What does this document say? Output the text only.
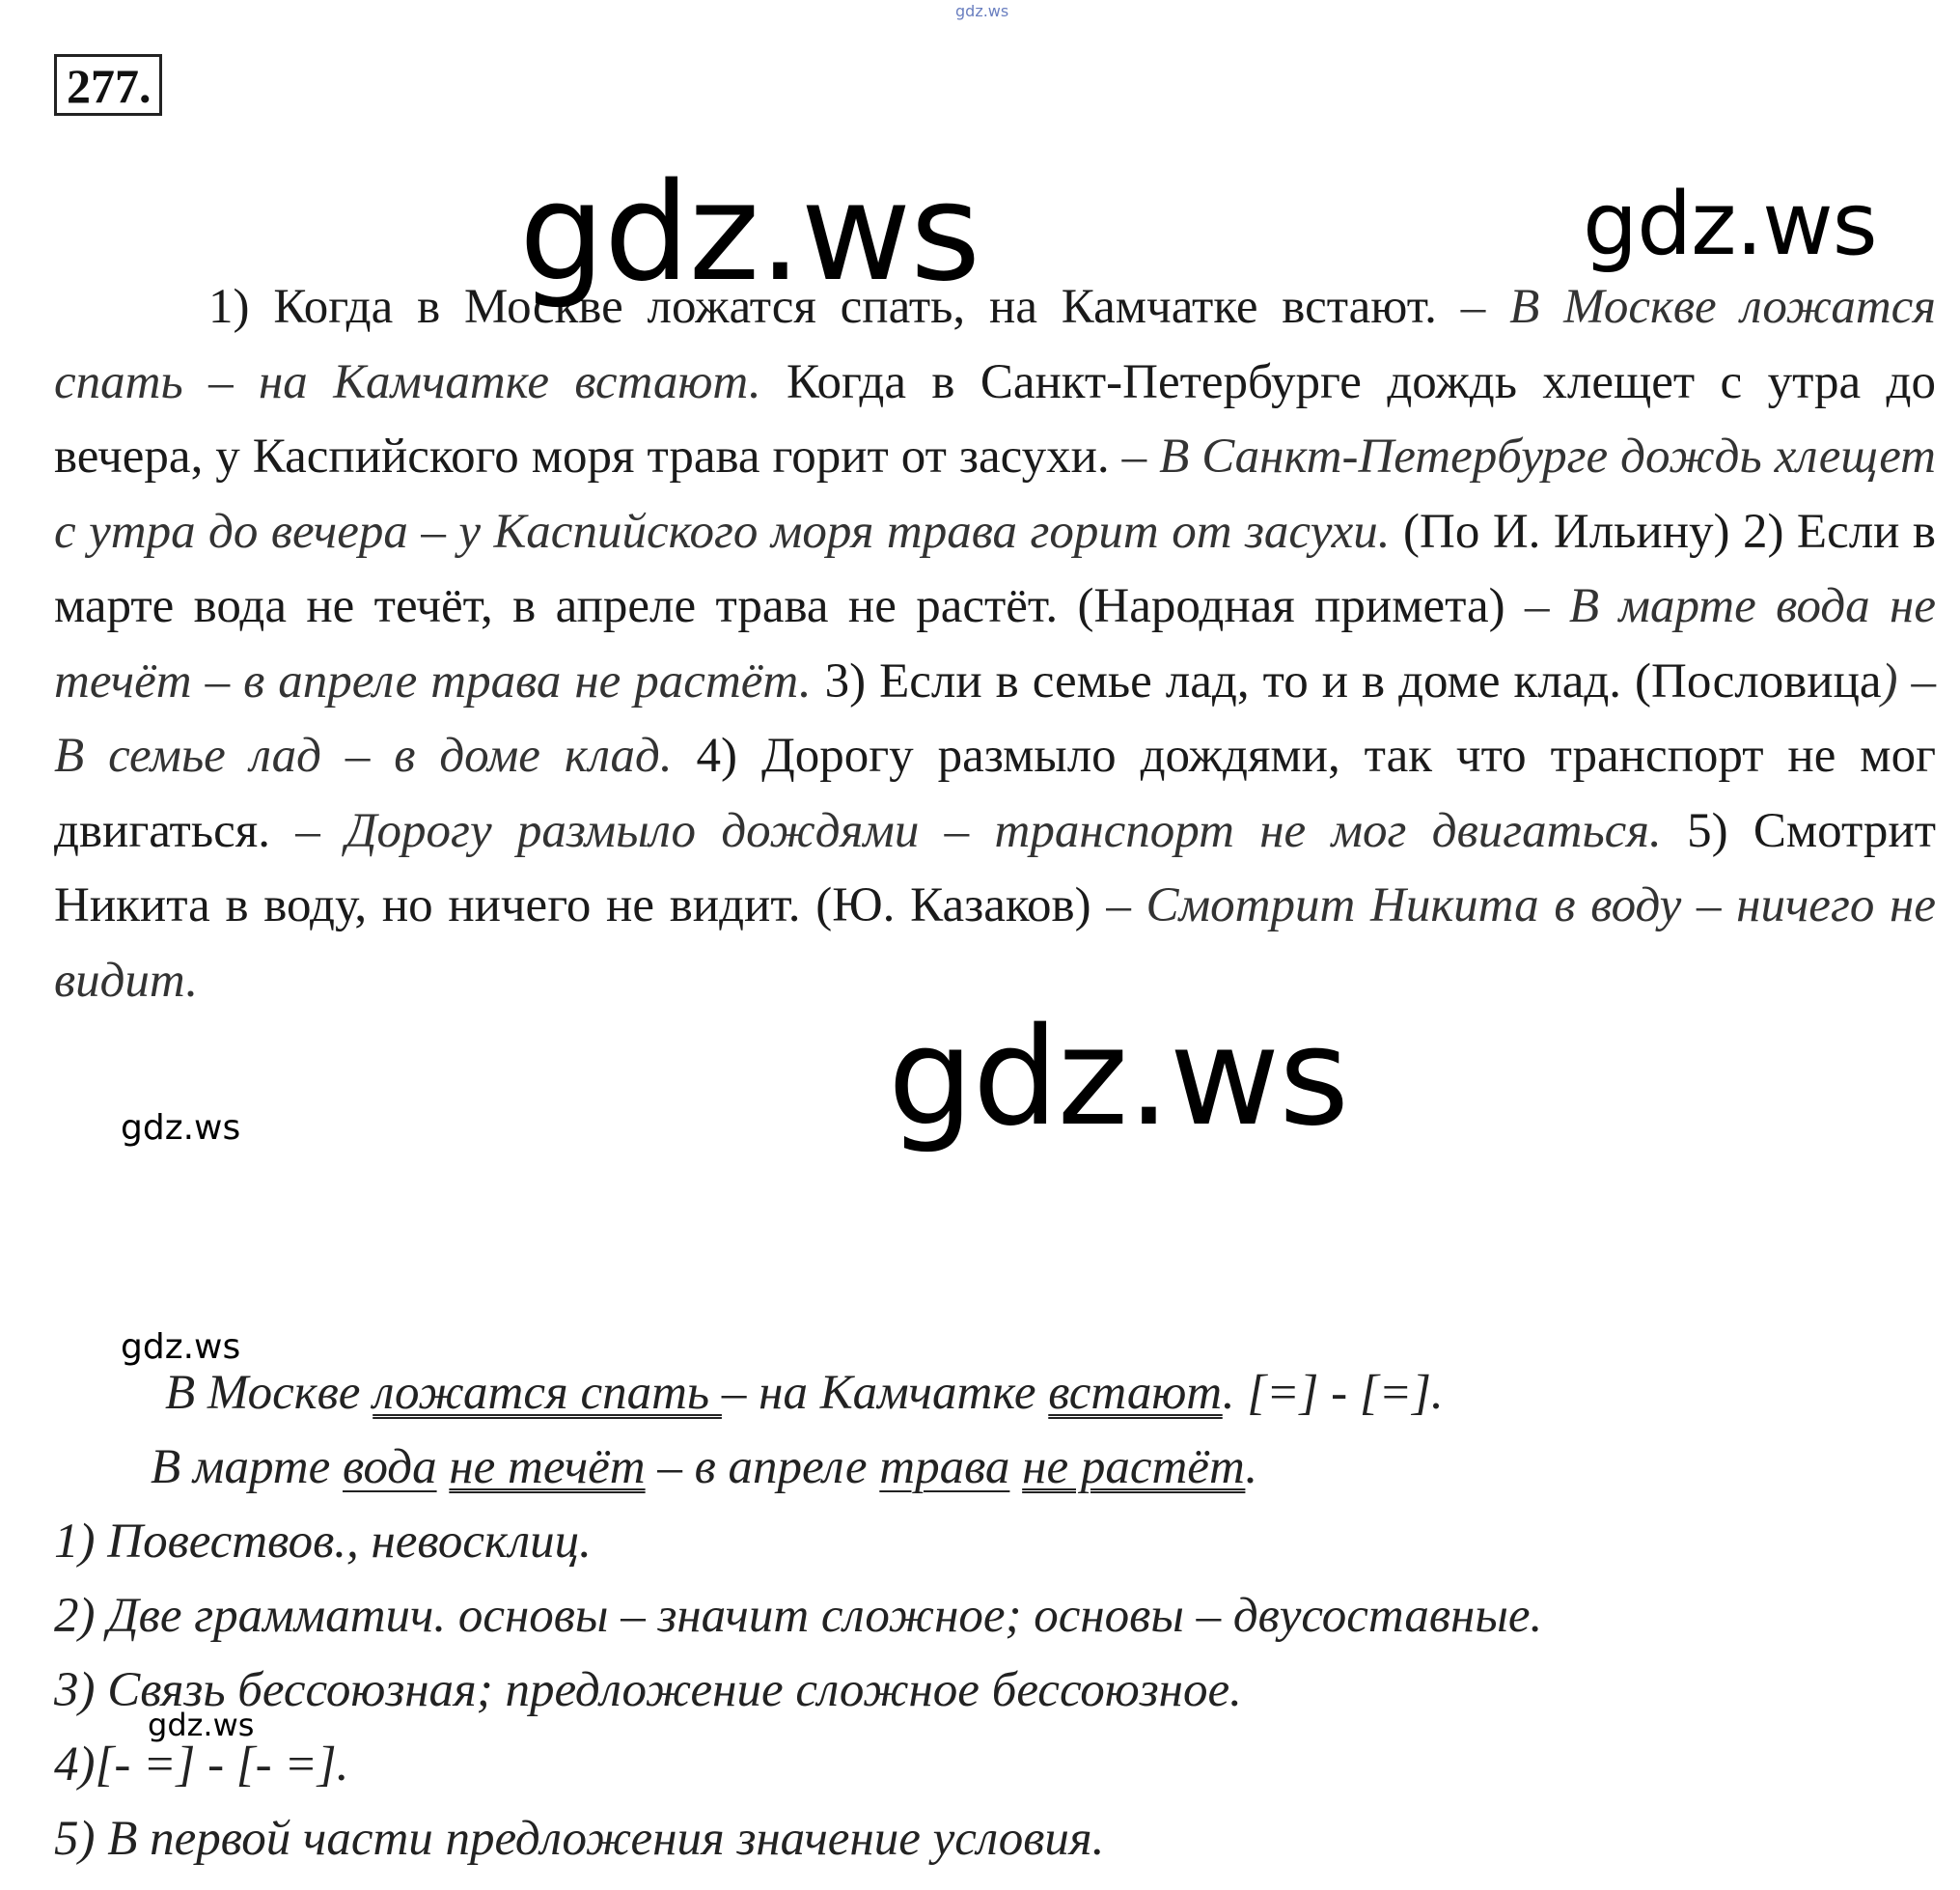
gdz.ws
277.
1) Когда в Москве ложатся спать, на Камчатке встают. – В Москве ложатся спать – на Камчатке встают. Когда в Санкт-Петербурге дождь хлещет с утра до вечера, у Каспийского моря трава горит от засухи. – В Санкт-Петербурге дождь хлещет с утра до вечера – у Каспийского моря трава горит от засухи. (По И. Ильину) 2) Если в марте вода не течёт, в апреле трава не растёт. (Народная примета) – В марте вода не течёт – в апреле трава не растёт. 3) Если в семье лад, то и в доме клад. (Пословица) – В семье лад – в доме клад. 4) Дорогу размыло дождями, так что транспорт не мог двигаться. – Дорогу размыло дождями – транспорт не мог двигаться. 5) Смотрит Никита в воду, но ничего не видит. (Ю. Казаков) – Смотрит Никита в воду – ничего не видит.
В Москве ложатся спать – на Камчатке встают. [=] - [=].
В марте вода не течёт – в апреле трава не растёт.
1) Повествов., невосклиц.
2) Две грамматич. основы – значит сложное; основы – двусоставные.
3) Связь бессоюзная; предложение сложное бессоюзное.
4)[- =] - [- =].
5) В первой части предложения значение условия.
gdz.ws	gdz.ws
gdz.ws
gdz.ws
gdz.ws
gdz.ws
